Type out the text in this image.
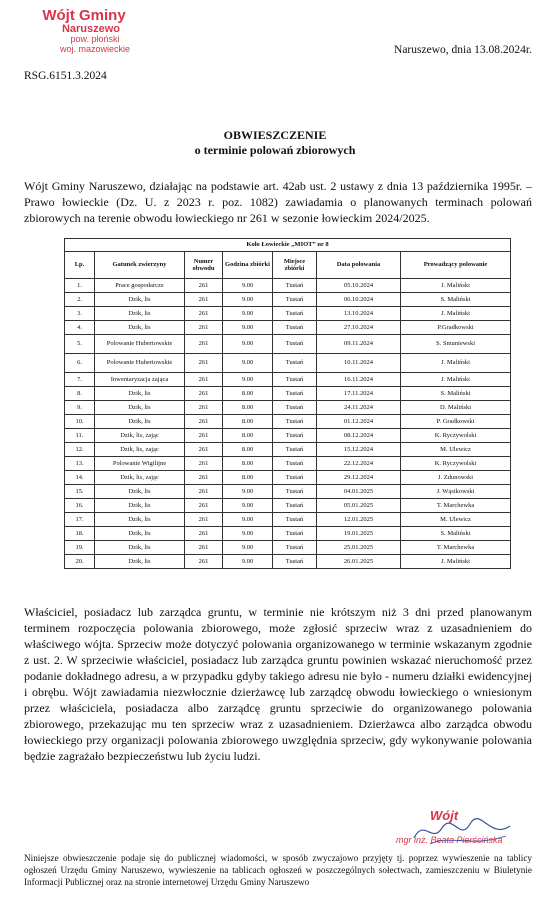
Wójt Gminy
Naruszewo
pow. płoński
woj. mazowieckie	Naruszewo, dnia 13.08.2024r.
RSG.6151.3.2024
OBWIESZCZENIE
o terminie polowań zbiorowych
Wójt Gminy Naruszewo, działając na podstawie art. 42ab ust. 2 ustawy z dnia 13 października 1995r. – Prawo łowieckie (Dz. U. z 2023 r. poz. 1082) zawiadamia o planowanych terminach polowań zbiorowych na terenie obwodu łowieckiego nr 261 w sezonie łowieckim 2024/2025.
Koło Łowieckie „MIOT” nr 8						
Lp.	Gatunek zwierzyny	Numer obwodu	Godzina zbiórki	Miejsce zbiórki	Data polowania	Prowadzący polowanie
1.	Prace gospodarcze	261	9.00	Tustań	05.10.2024	J. Maliński
2.	Dzik, lis	261	9.00	Tustań	06.10.2024	S. Maliński
3.	Dzik, lis	261	9.00	Tustań	13.10.2024	J. Maliński
4.	Dzik, lis	261	9.00	Tustań	27.10.2024	P.Gradkowski
5.	Polowanie Hubertowskie	261	9.00	Tustań	09.11.2024	S. Smuniewski
6.	Polowanie Hubertowskie	261	9.00	Tustań	10.11.2024	J. Maliński
7.	Inwentaryzacja zająca	261	9.00	Tustań	16.11.2024	J. Maliński
8.	Dzik, lis	261	8.00	Tustań	17.11.2024	S. Maliński
9.	Dzik, lis	261	8.00	Tustań	24.11.2024	D. Maliński
10.	Dzik, lis	261	8.00	Tustań	01.12.2024	P. Gradkowski
11.	Dzik, lis, zając	261	8.00	Tustań	08.12.2024	K. Ryczywolski
12.	Dzik, lis, zając	261	8.00	Tustań	15.12.2024	M. Ulewicz
13.	Polowanie Wigilijne	261	8.00	Tustań	22.12.2024	K. Ryczywolski
14.	Dzik, lis, zając	261	8.00	Tustań	29.12.2024	J. Zdunowski
15.	Dzik, lis	261	9.00	Tustań	04.01.2025	J. Wąsikowski
16.	Dzik, lis	261	9.00	Tustań	05.01.2025	T. Marchewka
17.	Dzik, lis	261	9.00	Tustań	12.01.2025	M. Ulewicz
18.	Dzik, lis	261	9.00	Tustań	19.01.2025	S. Maliński
19.	Dzik, lis	261	9.00	Tustań	25.01.2025	T. Marchewka
20.	Dzik, lis	261	9.00	Tustań	26.01.2025	J. Maliński
Właściciel, posiadacz lub zarządca gruntu, w terminie nie krótszym niż 3 dni przed planowanym terminem rozpoczęcia polowania zbiorowego, może zgłosić sprzeciw wraz z uzasadnieniem do właściwego wójta. Sprzeciw może dotyczyć polowania organizowanego w terminie wskazanym zgodnie z ust. 2. W sprzeciwie właściciel, posiadacz lub zarządca gruntu powinien wskazać nieruchomość przez podanie dokładnego adresu, a w przypadku gdyby takiego adresu nie było - numeru działki ewidencyjnej i obrębu. Wójt zawiadamia niezwłocznie dzierżawcę lub zarządcę obwodu łowieckiego o wniesionym przez właściciela, posiadacza albo zarządcę gruntu sprzeciwie do organizowanego polowania zbiorowego, przekazując mu ten sprzeciw wraz z uzasadnieniem. Dzierżawca albo zarządca obwodu łowieckiego przy organizacji polowania zbiorowego uwzględnia sprzeciw, gdy wykonywanie polowania będzie zagrażało bezpieczeństwu lub życiu ludzi.
Wójt
mgr inż. Beata Pierścińska
Niniejsze obwieszczenie podaje się do publicznej wiadomości, w sposób zwyczajowo przyjęty tj. poprzez wywieszenie na tablicy ogłoszeń Urzędu Gminy Naruszewo, wywieszenie na tablicach ogłoszeń w poszczególnych sołectwach, zamieszczeniu w Biuletynie Informacji Publicznej oraz na stronie internetowej Urzędu Gminy Naruszewo
